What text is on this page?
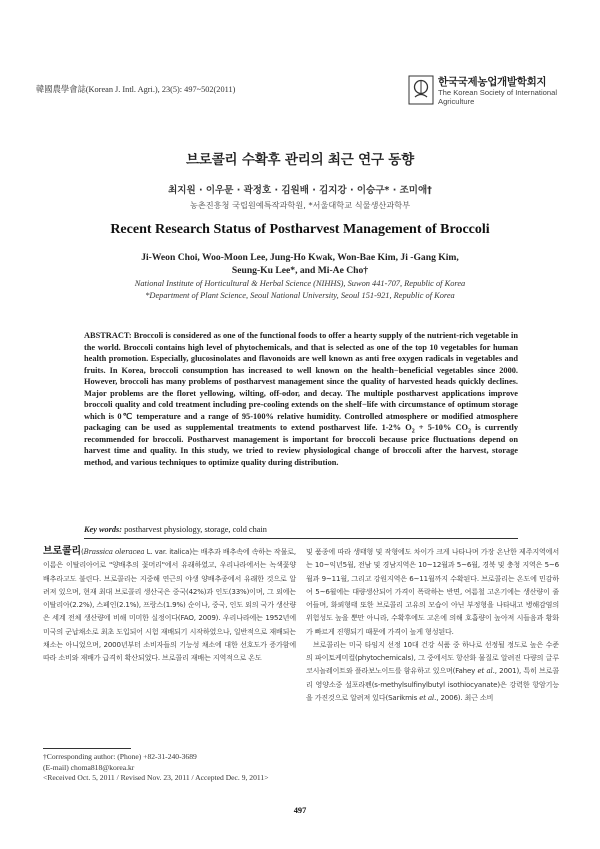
韓國農學會誌(Korean J. Intl. Agri.), 23(5): 497~502(2011)
한국국제농업개발학회지
The Korean Society of International
Agriculture
브로콜리 수확후 관리의 최근 연구 동향
최지원 · 이우문 · 곽정호 · 김원배 · 김지강 · 이승구* · 조미애†
농촌진흥청 국립원예특작과학원, *서울대학교 식물생산과학부
Recent Research Status of Postharvest Management of Broccoli
Ji-Weon Choi, Woo-Moon Lee, Jung-Ho Kwak, Won-Bae Kim, Ji -Gang Kim,
Seung-Ku Lee*, and Mi-Ae Cho†
National Institute of Horticultural & Herbal Science (NIHHS), Suwon 441-707, Republic of Korea
*Department of Plant Science, Seoul National University, Seoul 151-921, Republic of Korea
ABSTRACT: Broccoli is considered as one of the functional foods to offer a hearty supply of the nutrient-rich vegetable in the world. Broccoli contains high level of phytochemicals, and that is selected as one of the top 10 vegetables for human health promotion. Especially, glucosinolates and flavonoids are well known as anti free oxygen radicals in vegetables and fruits. In Korea, broccoli consumption has increased to well known on the health−beneficial vegetables since 2000. However, broccoli has many problems of postharvest management since the quality of harvested heads quickly declines. Major problems are the floret yellowing, wilting, off-odor, and decay. The multiple postharvest applications improve broccoli quality and cold treatment including pre-cooling extends on the shelf−life with circumstance of optimum storage which is 0℃ temperature and a range of 95-100% relative humidity. Controlled atmosphere or modified atmosphere packaging can be used as supplemental treatments to extend postharvest life. 1-2% $O_2 + 5-10\%$ $CO_2$ is currently recommended for broccoli. Postharvest management is important for broccoli because price fluctuations depend on harvest time and quality. In this study, we tried to review physiological change of broccoli after the harvest, storage method, and various techniques to optimize quality during distribution.
Key words: postharvest physiology, storage, cold chain

브로콜리(Brassica oleracea L. var. italica)는 배추과 배추속에 속하는 작물로, 이름은 이탈리아어로 "양배추의 꽃머리"에서 유래하였고, 우리나라에서는 녹색꽃양배추라고도 불린다. 브로콜리는 지중해 연근의 야생 양배추종에서 유래한 것으로 알려져 있으며, 현재 최대 브로콜리 생산국은 중국(42%)과 인도(33%)이며, 그 외에는 이탈리아(2.2%), 스페인(2.1%), 프랑스(1.9%) 순이나, 중국, 인도 외의 국가 생산량은 세계 전체 생산량에 비해 미미한 실정이다(FAO, 2009). 우리나라에는 1952년에 미국의 군납채소로 최초 도입되어 시험 재배되기 시작하였으나, 일반적으로 재배되는 채소는 아니었으며, 2000년부터 소비자들의 기능성 채소에 대한 선호도가 증가함에 따라 소비와 재배가 급격히 확산되었다. 브로콜리 재배는 지역적으로 온도

및 품종에 따라 생태형 및 작형에도 차이가 크게 나타나며 가장 온난한 제주지역에서는 10~익년5월, 전남 및 경남지역은 10~12월과 5~6월, 경북 및 충청 지역은 5~6월과 9~11월, 그리고 강원지역은 6~11월까지 수확된다. 브로콜리는 온도에 민감하여 5~6월에는 대량생산되어 가격이 폭락하는 반면, 여름철 고온기에는 생산량이 줄어들며, 화뢰형태 또한 브로콜리 고유의 모습이 아닌 부정형을 나타내고 병해감염의 위험성도 높을 뿐만 아니라, 수확후에도 고온에 의해 호흡량이 높아져 시들음과 황화가 빠르게 진행되기 때문에 가격이 높게 형성된다.

브로콜리는 미국 타임지 선정 10대 건강 식품 중 하나로 선정될 정도로 높은 수준의 파이토케미컬(phytochemicals), 그 중에서도 항산화 물질로 알려진 다량의 글루코시놀레이트와 플라보노이드를 함유하고 있으며(Fahey et al., 2001), 특히 브로콜리 영양소중 설포라펜(s-methylsulfinylbutyl isothiocyanate)은 강력한 항암기능을 가진것으로 알려져 있다(Sarikmis et al., 2006). 최근 소비

†Corresponding author: (Phone) +82-31-240-3689
(E-mail) choma818@korea.kr
<Received Oct. 5, 2011 / Revised Nov. 23, 2011 / Accepted Dec. 9, 2011>
497
